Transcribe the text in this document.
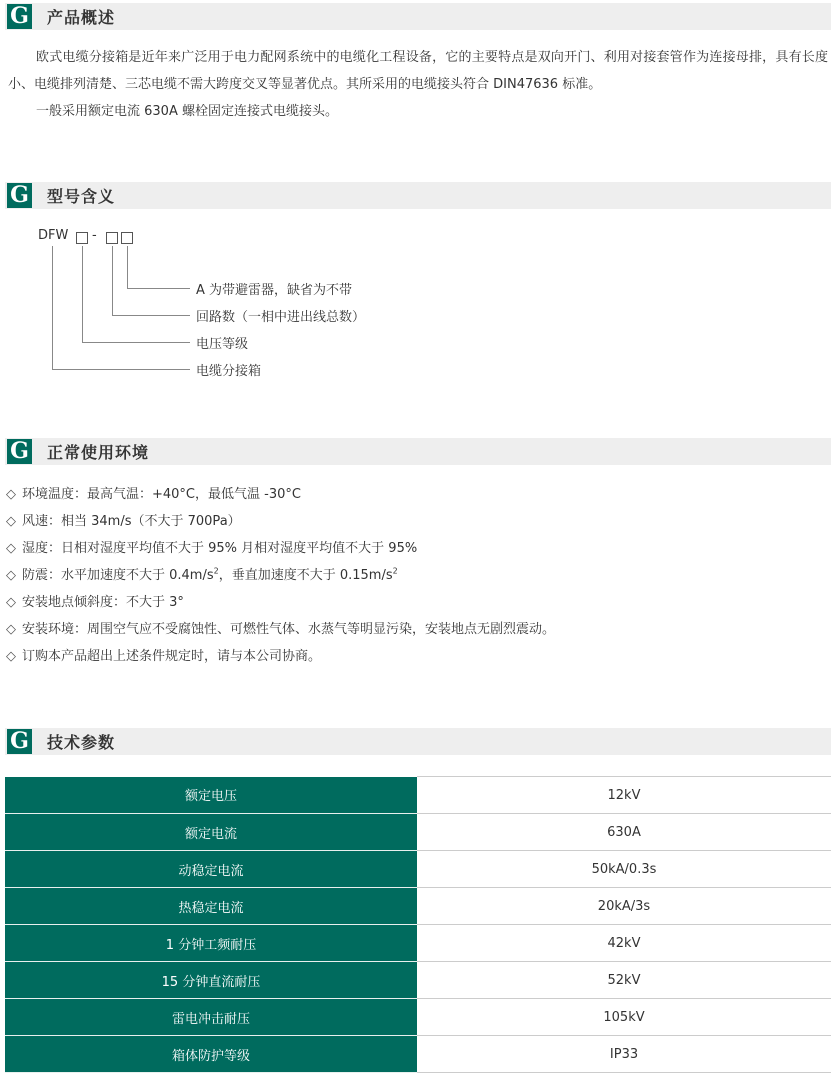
G 产品概述

欧式电缆分接箱是近年来广泛用于电力配网系统中的电缆化工程设备，它的主要特点是双向开门、利用对接套管作为连接母排，具有长度小、电缆排列清楚、三芯电缆不需大跨度交叉等显著优点。其所采用的电缆接头符合 DIN47636 标准。

一般采用额定电流 630A 螺栓固定连接式电缆接头。

G 型号含义
DFW -
A 为带避雷器，缺省为不带
回路数（一相中进出线总数）
电压等级
电缆分接箱
G 正常使用环境
◇ 环境温度：最高气温：+40°C，最低气温 -30°C
◇ 风速：相当 34m/s（不大于 700Pa）
◇ 湿度：日相对湿度平均值不大于 95% 月相对湿度平均值不大于 95%
◇ 防震：水平加速度不大于 $0.4m/s^2$，垂直加速度不大于 $0.15m/s^2$
◇ 安装地点倾斜度：不大于 3°
◇ 安装环境：周围空气应不受腐蚀性、可燃性气体、水蒸气等明显污染，安装地点无剧烈震动。
◇ 订购本产品超出上述条件规定时，请与本公司协商。
G 技术参数
额定电压	12kV
额定电流	630A
动稳定电流	50kA/0.3s
热稳定电流	20kA/3s
1 分钟工频耐压	42kV
15 分钟直流耐压	52kV
雷电冲击耐压	105kV
箱体防护等级	IP33
